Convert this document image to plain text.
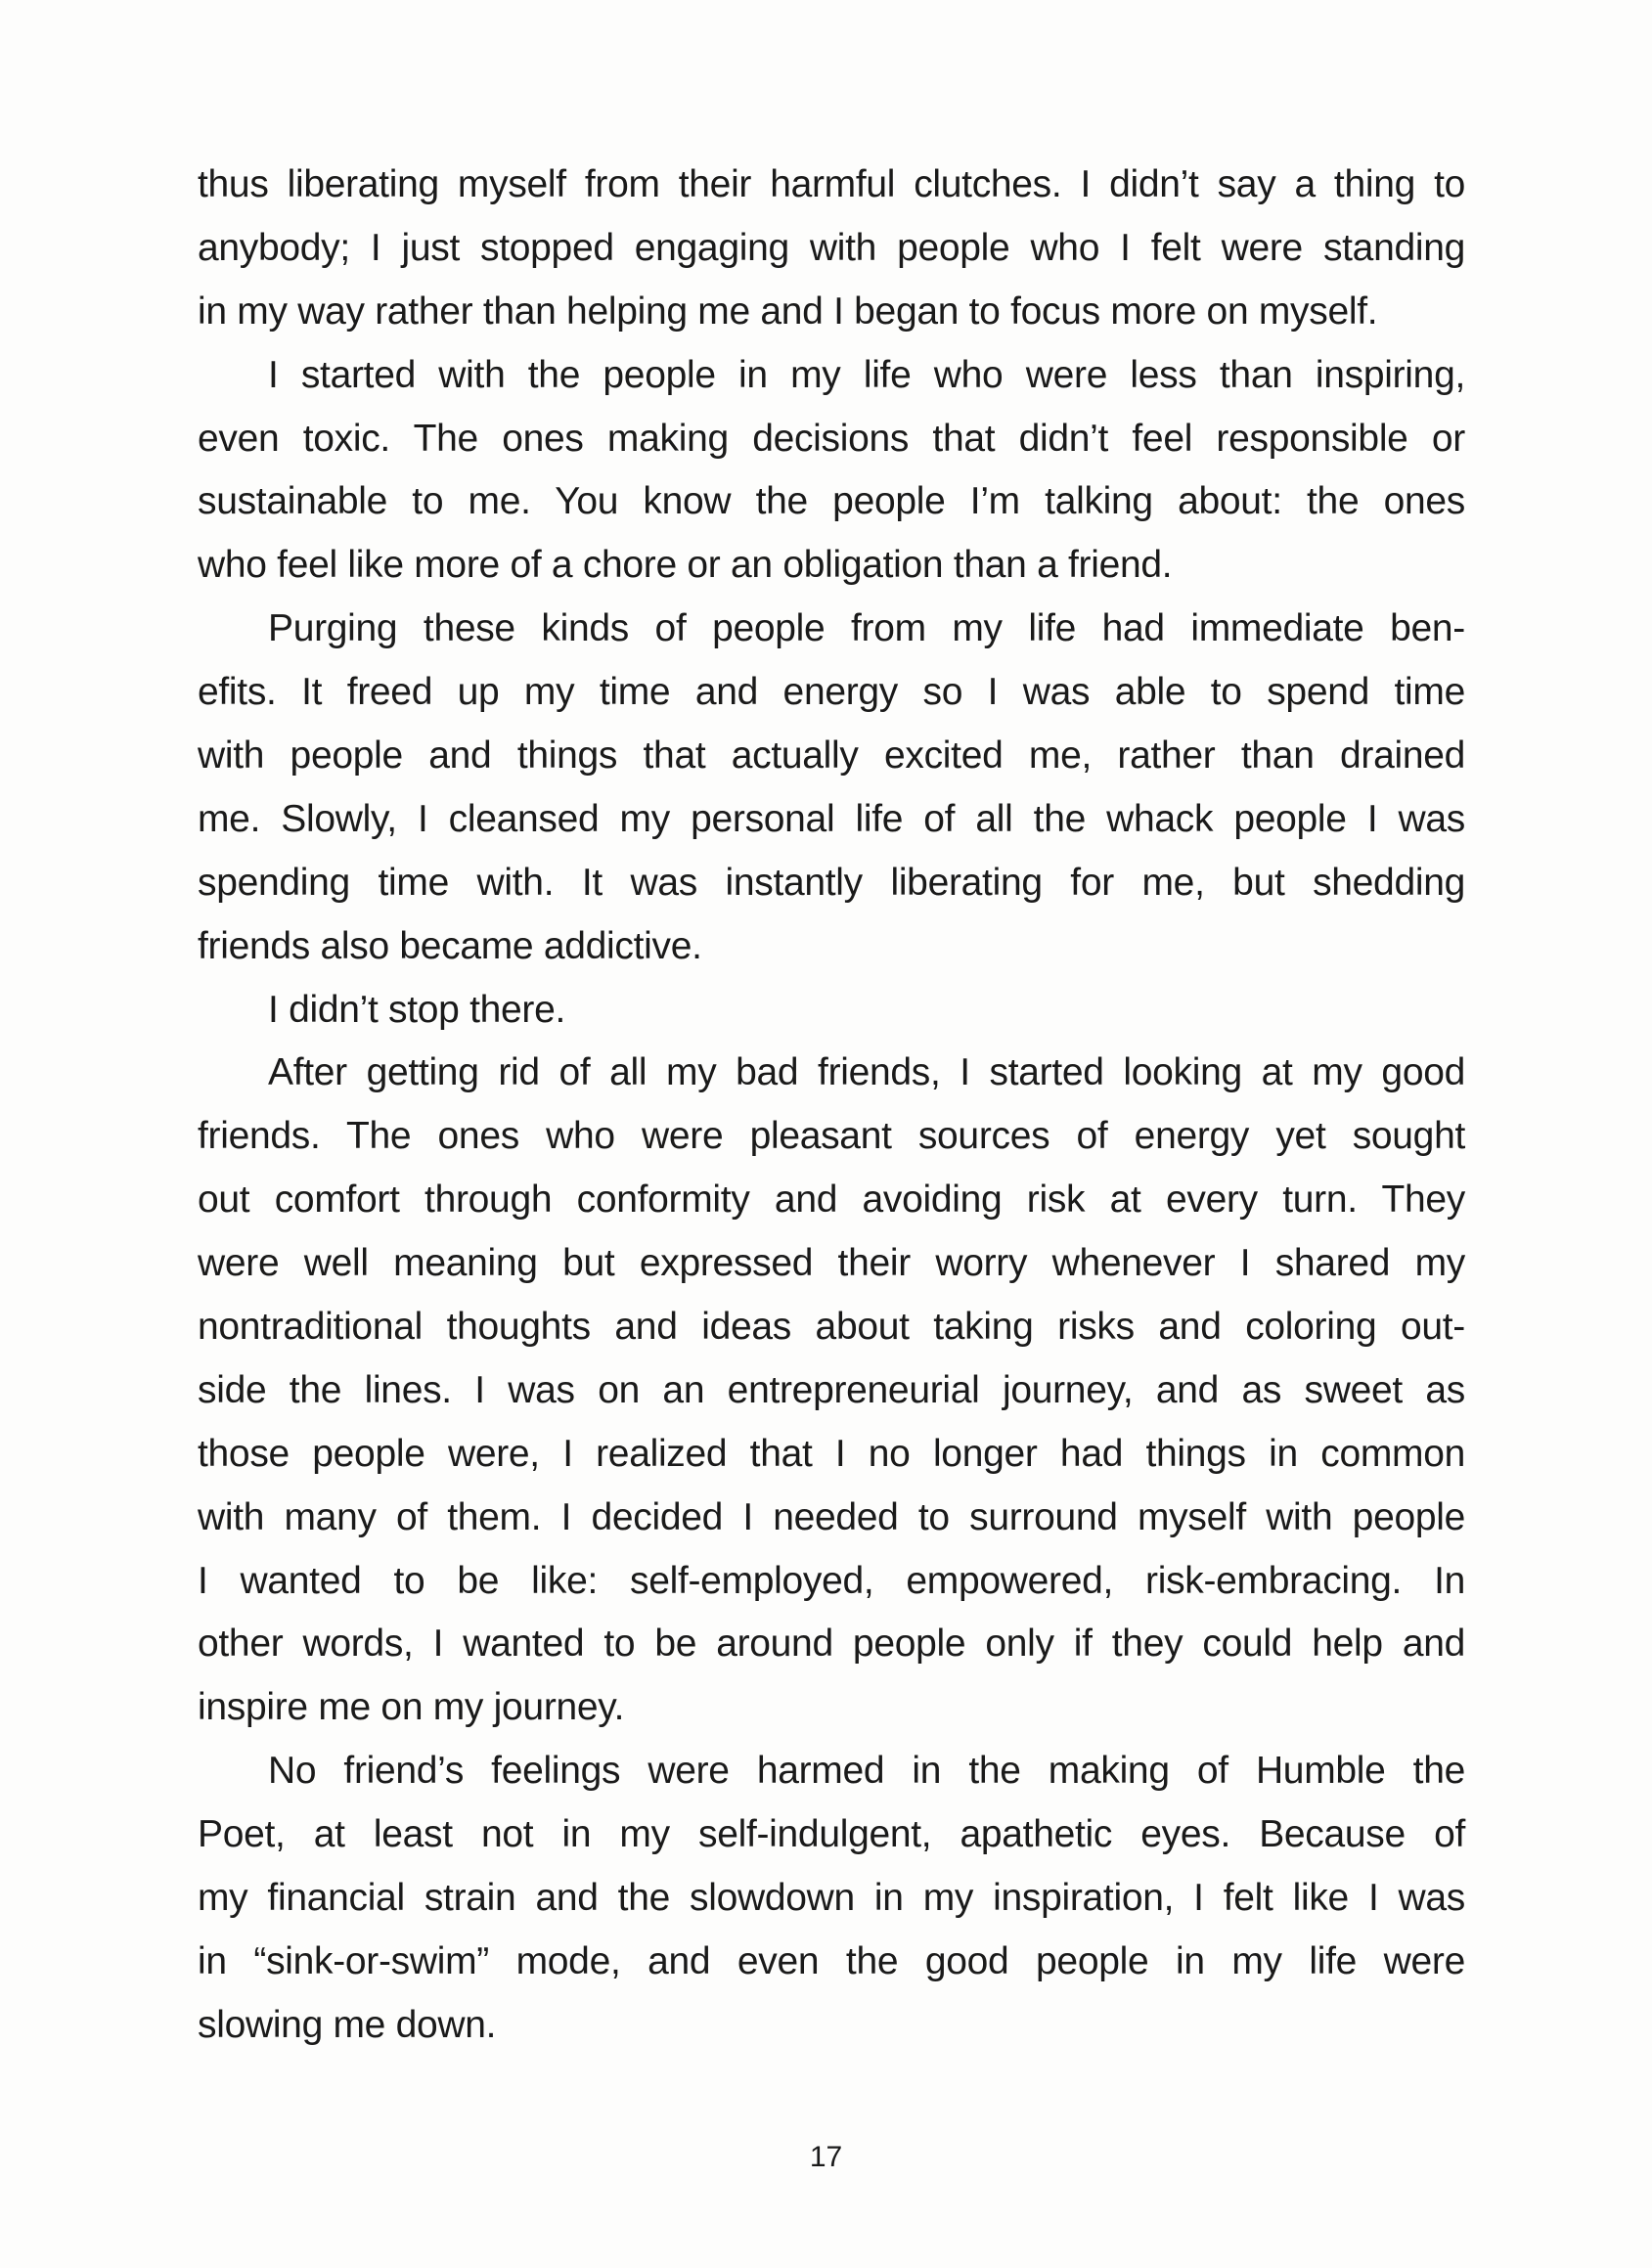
thus liberating myself from their harmful clutches. I didn’t say a thing to
anybody; I just stopped engaging with people who I felt were standing
in my way rather than helping me and I began to focus more on myself.
I started with the people in my life who were less than inspiring,
even toxic. The ones making decisions that didn’t feel responsible or
sustainable to me. You know the people I’m talking about: the ones
who feel like more of a chore or an obligation than a friend.
Purging these kinds of people from my life had immediate ben-
efits. It freed up my time and energy so I was able to spend time
with people and things that actually excited me, rather than drained
me. Slowly, I cleansed my personal life of all the whack people I was
spending time with. It was instantly liberating for me, but shedding
friends also became addictive.
I didn’t stop there.
After getting rid of all my bad friends, I started looking at my good
friends. The ones who were pleasant sources of energy yet sought
out comfort through conformity and avoiding risk at every turn. They
were well meaning but expressed their worry whenever I shared my
nontraditional thoughts and ideas about taking risks and coloring out-
side the lines. I was on an entrepreneurial journey, and as sweet as
those people were, I realized that I no longer had things in common
with many of them. I decided I needed to surround myself with people
I wanted to be like: self-employed, empowered, risk-embracing. In
other words, I wanted to be around people only if they could help and
inspire me on my journey.
No friend’s feelings were harmed in the making of Humble the
Poet, at least not in my self-indulgent, apathetic eyes. Because of
my financial strain and the slowdown in my inspiration, I felt like I was
in “sink-or-swim” mode, and even the good people in my life were
slowing me down.
17
